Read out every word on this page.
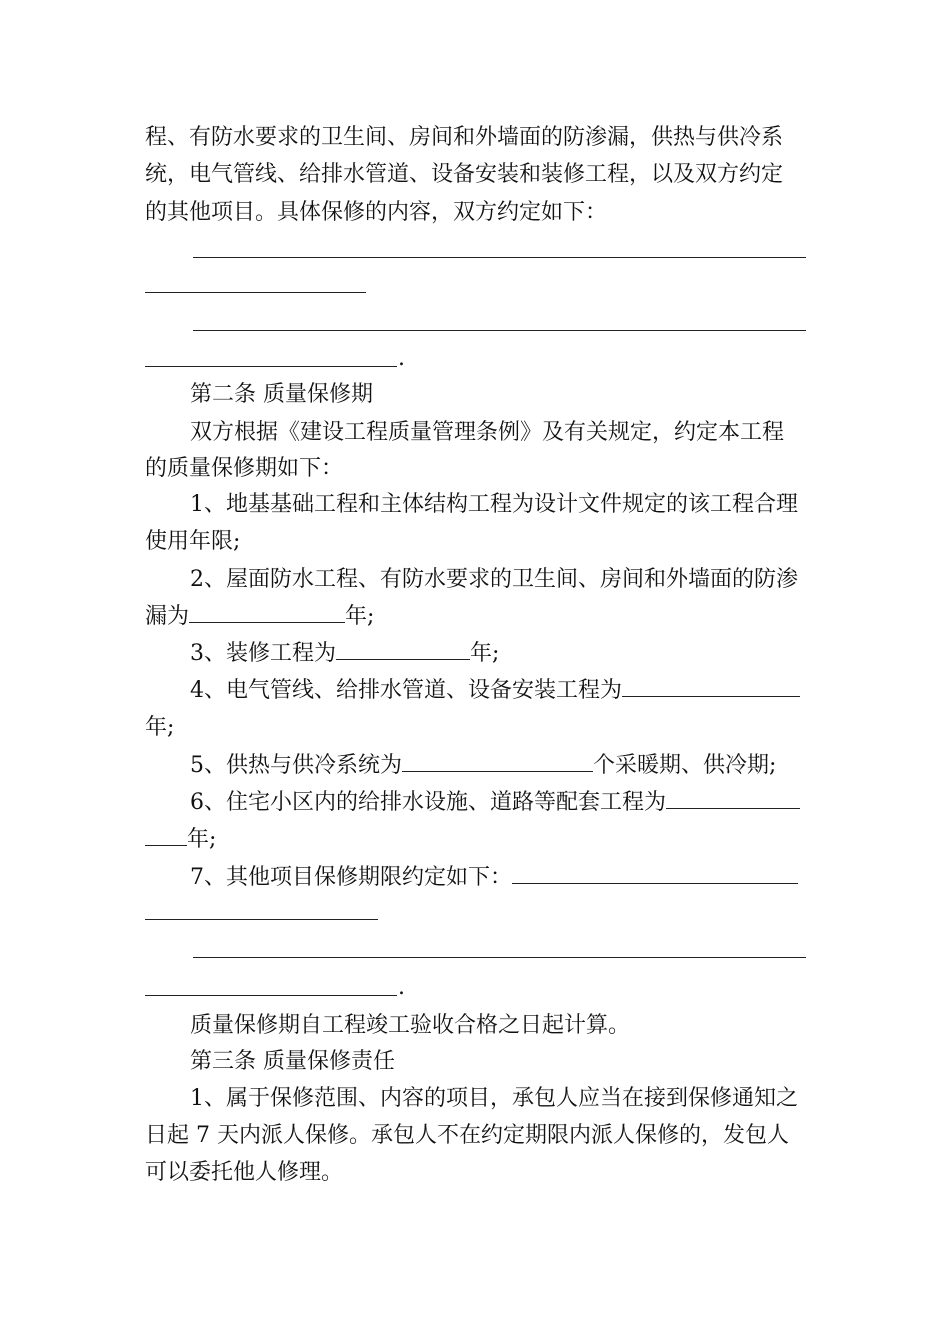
程、有防水要求的卫生间、房间和外墙面的防渗漏，供热与供冷系
统，电气管线、给排水管道、设备安装和装修工程，以及双方约定
的其他项目。具体保修的内容，双方约定如下：
.
第二条 质量保修期
双方根据《建设工程质量管理条例》及有关规定，约定本工程
的质量保修期如下：
1、地基基础工程和主体结构工程为设计文件规定的该工程合理
使用年限;
2、屋面防水工程、有防水要求的卫生间、房间和外墙面的防渗
漏为	年;
3、装修工程为	年;
4、电气管线、给排水管道、设备安装工程为
年;
5、供热与供冷系统为	个采暖期、供冷期;
6、住宅小区内的给排水设施、道路等配套工程为
年;
7、其他项目保修期限约定如下：
.
质量保修期自工程竣工验收合格之日起计算。
第三条 质量保修责任
1、属于保修范围、内容的项目，承包人应当在接到保修通知之
日起 7 天内派人保修。承包人不在约定期限内派人保修的，发包人
可以委托他人修理。
